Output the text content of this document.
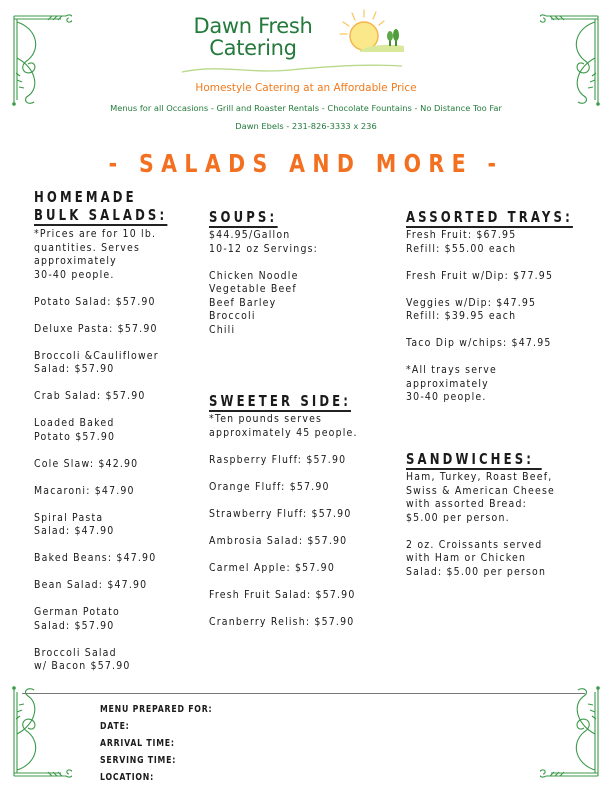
Dawn Fresh
Catering
Homestyle Catering at an Affordable Price
Menus for all Occasions - Grill and Roaster Rentals - Chocolate Fountains - No Distance Too Far
Dawn Ebels - 231-826-3333 x 236
- SALADS AND MORE -
HOMEMADE
BULK SALADS:
*Prices are for 10 lb.
quantities. Serves
approximately
30-40 people.
Potato Salad: $57.90
Deluxe Pasta: $57.90
Broccoli &Cauliflower
Salad: $57.90
Crab Salad: $57.90
Loaded Baked
Potato $57.90
Cole Slaw: $42.90
Macaroni: $47.90
Spiral Pasta
Salad: $47.90
Baked Beans: $47.90
Bean Salad: $47.90
German Potato
Salad: $57.90
Broccoli Salad
w/ Bacon $57.90
SOUPS:
$44.95/Gallon
10-12 oz Servings:
Chicken Noodle
Vegetable Beef
Beef Barley
Broccoli
Chili
SWEETER SIDE:
*Ten pounds serves
approximately 45 people.
Raspberry Fluff: $57.90
Orange Fluff: $57.90
Strawberry Fluff: $57.90
Ambrosia Salad: $57.90
Carmel Apple: $57.90
Fresh Fruit Salad: $57.90
Cranberry Relish: $57.90
ASSORTED TRAYS:
Fresh Fruit: $67.95
Refill: $55.00 each
Fresh Fruit w/Dip: $77.95
Veggies w/Dip: $47.95
Refill: $39.95 each
Taco Dip w/chips: $47.95
*All trays serve
approximately
30-40 people.
SANDWICHES:
Ham, Turkey, Roast Beef,
Swiss & American Cheese
with assorted Bread:
$5.00 per person.
2 oz. Croissants served
with Ham or Chicken
Salad: $5.00 per person
MENU PREPARED FOR:
DATE:
ARRIVAL TIME:
SERVING TIME:
LOCATION:
